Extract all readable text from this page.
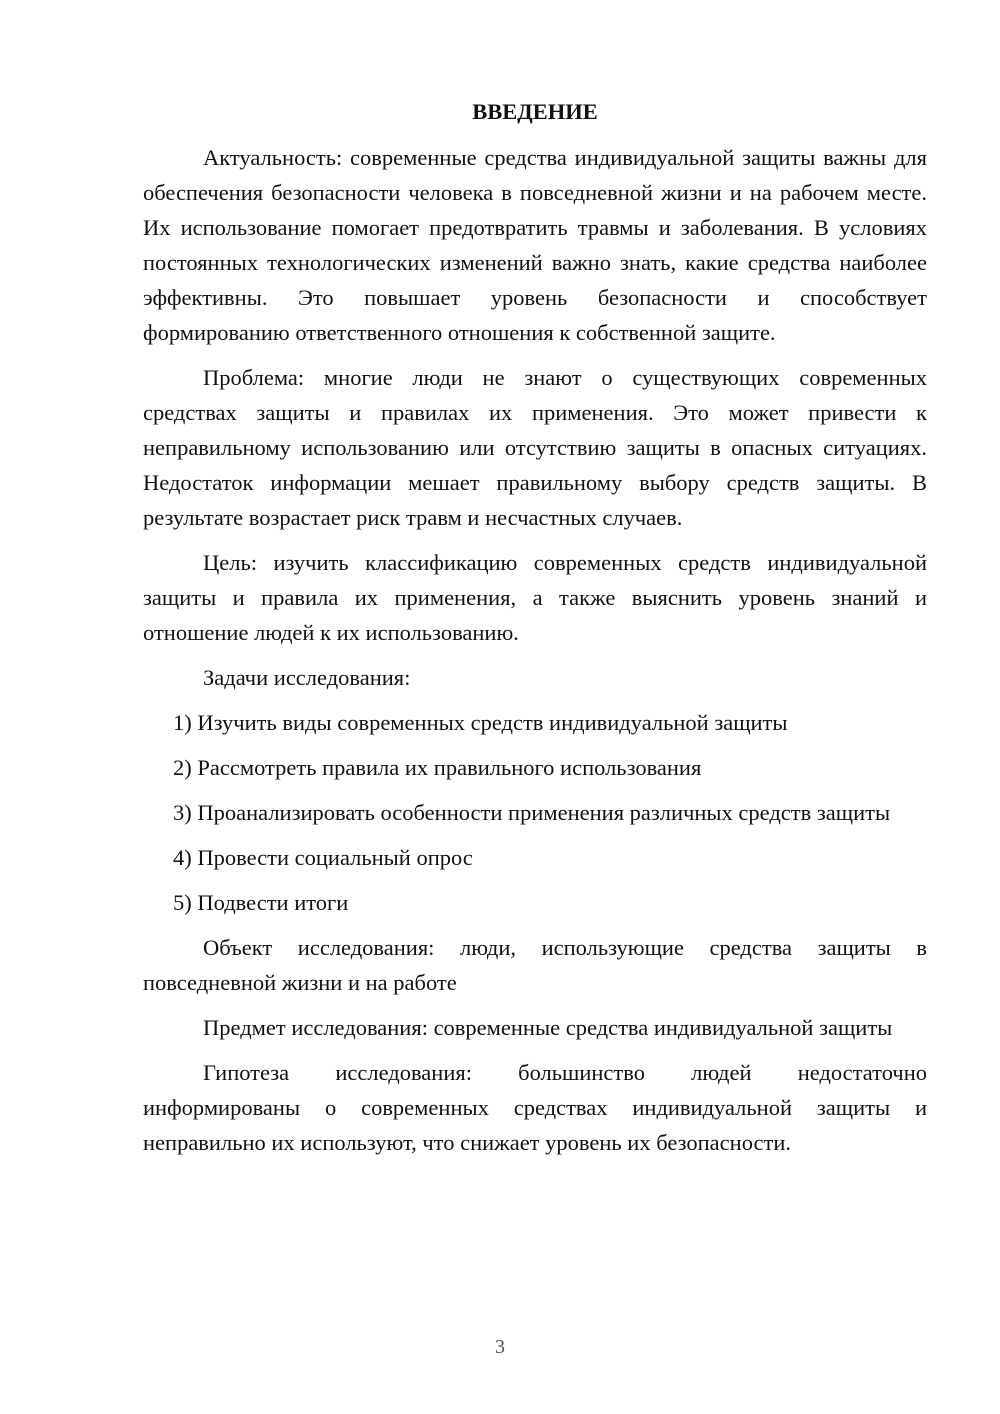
ВВЕДЕНИЕ

Актуальность: современные средства индивидуальной защиты важны для обеспечения безопасности человека в повседневной жизни и на рабочем месте. Их использование помогает предотвратить травмы и заболевания. В условиях постоянных технологических изменений важно знать, какие средства наиболее эффективны. Это повышает уровень безопасности и способствует формированию ответственного отношения к собственной защите.

Проблема: многие люди не знают о существующих современных средствах защиты и правилах их применения. Это может привести к неправильному использованию или отсутствию защиты в опасных ситуациях. Недостаток информации мешает правильному выбору средств защиты. В результате возрастает риск травм и несчастных случаев.

Цель: изучить классификацию современных средств индивидуальной защиты и правила их применения, а также выяснить уровень знаний и отношение людей к их использованию.

Задачи исследования:

1) Изучить виды современных средств индивидуальной защиты

2) Рассмотреть правила их правильного использования

3) Проанализировать особенности применения различных средств защиты

4) Провести социальный опрос

5) Подвести итоги

Объект исследования: люди, использующие средства защиты в повседневной жизни и на работе

Предмет исследования: современные средства индивидуальной защиты

Гипотеза исследования: большинство людей недостаточно информированы о современных средствах индивидуальной защиты и неправильно их используют, что снижает уровень их безопасности.

3
